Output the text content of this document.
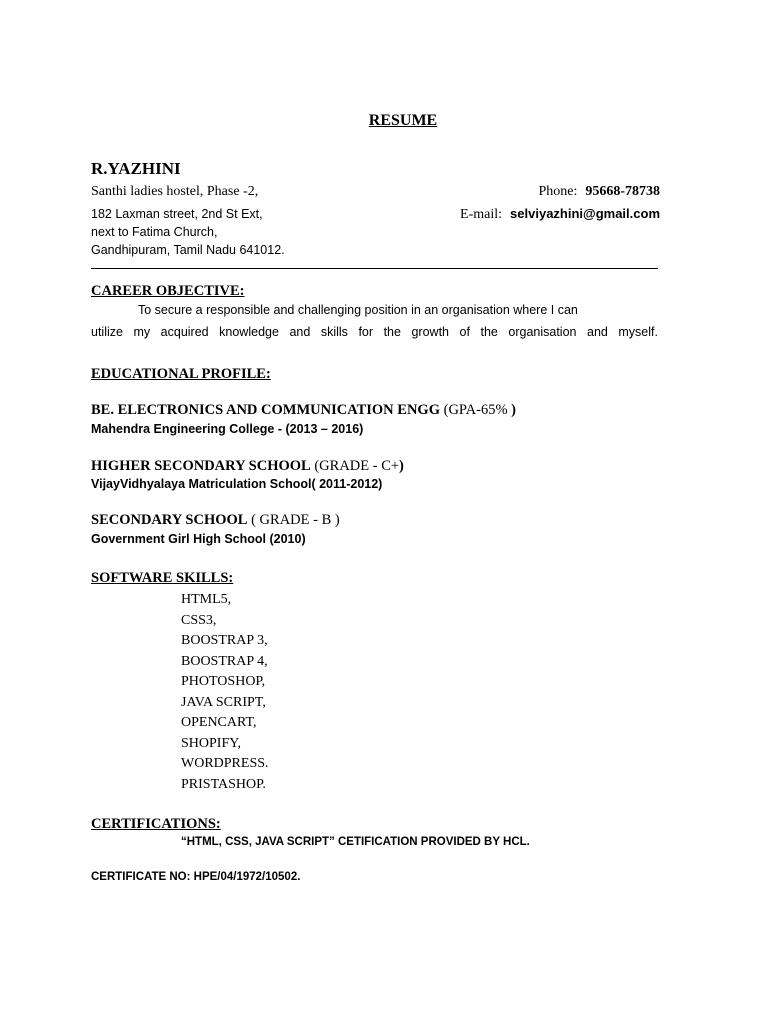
RESUME
R.YAZHINI
Santhi ladies hostel, Phase -2,
182 Laxman street, 2nd St Ext,
next to Fatima Church,
Gandhipuram, Tamil Nadu 641012.
Phone: 95668-78738
E-mail: selviyazhini@gmail.com
CAREER OBJECTIVE:
To secure a responsible and challenging position in an organisation where I can
utilize my acquired knowledge and skills for the growth of the organisation and myself.
EDUCATIONAL PROFILE:
BE. ELECTRONICS AND COMMUNICATION ENGG (GPA-65% )
Mahendra Engineering College - (2013 – 2016)
HIGHER SECONDARY SCHOOL (GRADE - C+)
VijayVidhyalaya Matriculation School( 2011-2012)
SECONDARY SCHOOL ( GRADE - B )
Government Girl High School (2010)
SOFTWARE SKILLS:
HTML5,
CSS3,
BOOSTRAP 3,
BOOSTRAP 4,
PHOTOSHOP,
JAVA SCRIPT,
OPENCART,
SHOPIFY,
WORDPRESS.
PRISTASHOP.
CERTIFICATIONS:
“HTML, CSS, JAVA SCRIPT” CETIFICATION PROVIDED BY HCL.
CERTIFICATE NO: HPE/04/1972/10502.
